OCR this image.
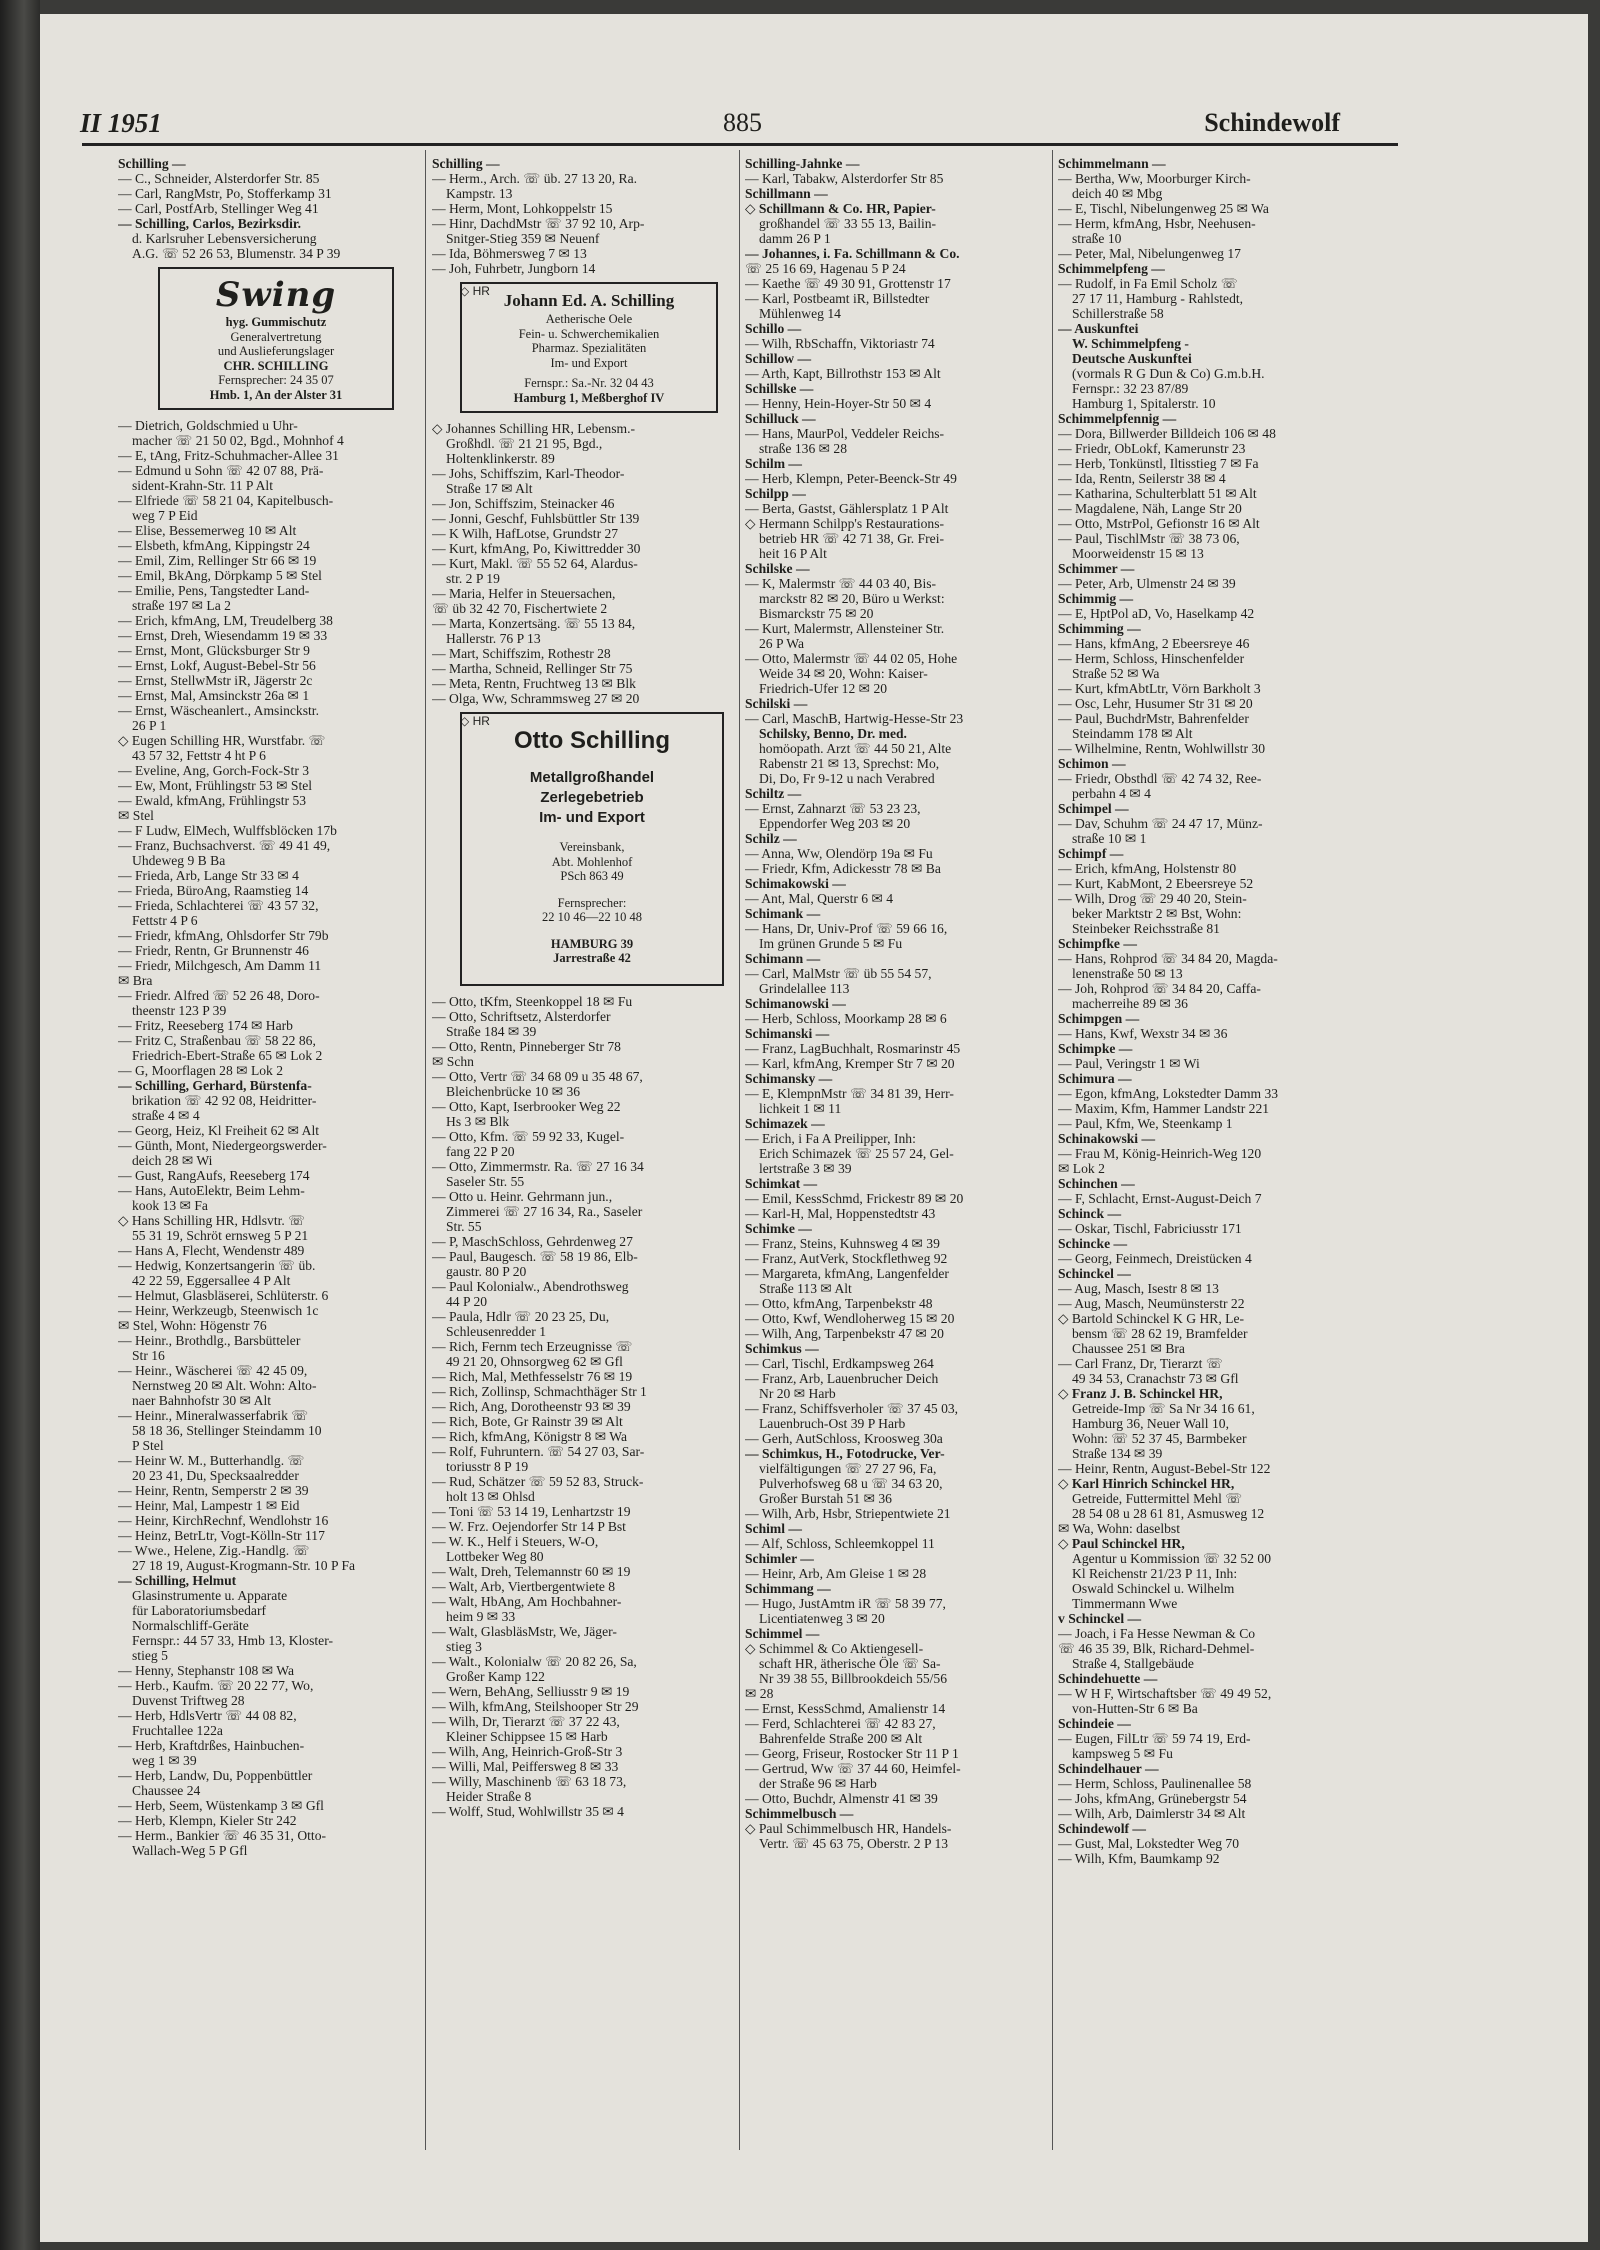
II 1951	885	Schindewolf

Schilling —

— C., Schneider, Alsterdorfer Str. 85

— Carl, RangMstr, Po, Stofferkamp 31

— Carl, PostfArb, Stellinger Weg 41

— Schilling, Carlos, Bezirksdir.

d. Karlsruher Lebensversicherung

A.G. ☏ 52 26 53, Blumenstr. 34 P 39

Swing

hyg. Gummischutz

Generalvertretung

und Auslieferungslager

CHR. SCHILLING

Fernsprecher: 24 35 07

Hmb. 1, An der Alster 31

— Dietrich, Goldschmied u Uhr-

macher ☏ 21 50 02, Bgd., Mohnhof 4

— E, tAng, Fritz-Schuhmacher-Allee 31

— Edmund u Sohn ☏ 42 07 88, Prä-

sident-Krahn-Str. 11 P Alt

— Elfriede ☏ 58 21 04, Kapitelbusch-

weg 7 P Eid

— Elise, Bessemerweg 10 ✉ Alt

— Elsbeth, kfmAng, Kippingstr 24

— Emil, Zim, Rellinger Str 66 ✉ 19

— Emil, BkAng, Dörpkamp 5 ✉ Stel

— Emilie, Pens, Tangstedter Land-

straße 197 ✉ La 2

— Erich, kfmAng, LM, Treudelberg 38

— Ernst, Dreh, Wiesendamm 19 ✉ 33

— Ernst, Mont, Glücksburger Str 9

— Ernst, Lokf, August-Bebel-Str 56

— Ernst, StellwMstr iR, Jägerstr 2c

— Ernst, Mal, Amsinckstr 26a ✉ 1

— Ernst, Wäscheanlert., Amsinckstr.

26 P 1

◇ Eugen Schilling HR, Wurstfabr. ☏

43 57 32, Fettstr 4 ht P 6

— Eveline, Ang, Gorch-Fock-Str 3

— Ew, Mont, Frühlingstr 53 ✉ Stel

— Ewald, kfmAng, Frühlingstr 53

✉ Stel

— F Ludw, ElMech, Wulffsblöcken 17b

— Franz, Buchsachverst. ☏ 49 41 49,

Uhdeweg 9 B Ba

— Frieda, Arb, Lange Str 33 ✉ 4

— Frieda, BüroAng, Raamstieg 14

— Frieda, Schlachterei ☏ 43 57 32,

Fettstr 4 P 6

— Friedr, kfmAng, Ohlsdorfer Str 79b

— Friedr, Rentn, Gr Brunnenstr 46

— Friedr, Milchgesch, Am Damm 11

✉ Bra

— Friedr. Alfred ☏ 52 26 48, Doro-

theenstr 123 P 39

— Fritz, Reeseberg 174 ✉ Harb

— Fritz C, Straßenbau ☏ 58 22 86,

Friedrich-Ebert-Straße 65 ✉ Lok 2

— G, Moorflagen 28 ✉ Lok 2

— Schilling, Gerhard, Bürstenfa-

brikation ☏ 42 92 08, Heidritter-

straße 4 ✉ 4

— Georg, Heiz, Kl Freiheit 62 ✉ Alt

— Günth, Mont, Niedergeorgswerder-

deich 28 ✉ Wi

— Gust, RangAufs, Reeseberg 174

— Hans, AutoElektr, Beim Lehm-

kook 13 ✉ Fa

◇ Hans Schilling HR, Hdlsvtr. ☏

55 31 19, Schröt ernsweg 5 P 21

— Hans A, Flecht, Wendenstr 489

— Hedwig, Konzertsangerin ☏ üb.

42 22 59, Eggersallee 4 P Alt

— Helmut, Glasbläserei, Schlüterstr. 6

— Heinr, Werkzeugb, Steenwisch 1c

✉ Stel, Wohn: Högenstr 76

— Heinr., Brothdlg., Barsbütteler

Str 16

— Heinr., Wäscherei ☏ 42 45 09,

Nernstweg 20 ✉ Alt. Wohn: Alto-

naer Bahnhofstr 30 ✉ Alt

— Heinr., Mineralwasserfabrik ☏

58 18 36, Stellinger Steindamm 10

P Stel

— Heinr W. M., Butterhandlg. ☏

20 23 41, Du, Specksaalredder

— Heinr, Rentn, Semperstr 2 ✉ 39

— Heinr, Mal, Lampestr 1 ✉ Eid

— Heinr, KirchRechnf, Wendlohstr 16

— Heinz, BetrLtr, Vogt-Kölln-Str 117

— Wwe., Helene, Zig.-Handlg. ☏

27 18 19, August-Krogmann-Str. 10 P Fa

— Schilling, Helmut

Glasinstrumente u. Apparate

für Laboratoriumsbedarf

Normalschliff-Geräte

Fernspr.: 44 57 33, Hmb 13, Kloster-

stieg 5

— Henny, Stephanstr 108 ✉ Wa

— Herb., Kaufm. ☏ 20 22 77, Wo,

Duvenst Triftweg 28

— Herb, HdlsVertr ☏ 44 08 82,

Fruchtallee 122a

— Herb, Kraftdrßes, Hainbuchen-

weg 1 ✉ 39

— Herb, Landw, Du, Poppenbüttler

Chaussee 24

— Herb, Seem, Wüstenkamp 3 ✉ Gfl

— Herb, Klempn, Kieler Str 242

— Herm., Bankier ☏ 46 35 31, Otto-

Wallach-Weg 5 P Gfl

Schilling —

— Herm., Arch. ☏ üb. 27 13 20, Ra.

Kampstr. 13

— Herm, Mont, Lohkoppelstr 15

— Hinr, DachdMstr ☏ 37 92 10, Arp-

Snitger-Stieg 359 ✉ Neuenf

— Ida, Böhmersweg 7 ✉ 13

— Joh, Fuhrbetr, Jungborn 14

Johann Ed. A. Schilling

Aetherische Oele

Fein- u. Schwerchemikalien

Pharmaz. Spezialitäten

Im- und Export

Fernspr.: Sa.-Nr. 32 04 43

Hamburg 1, Meßberghof IV

◇ HR

◇ Johannes Schilling HR, Lebensm.-

Großhdl. ☏ 21 21 95, Bgd.,

Holtenklinkerstr. 89

— Johs, Schiffszim, Karl-Theodor-

Straße 17 ✉ Alt

— Jon, Schiffszim, Steinacker 46

— Jonni, Geschf, Fuhlsbüttler Str 139

— K Wilh, HafLotse, Grundstr 27

— Kurt, kfmAng, Po, Kiwittredder 30

— Kurt, Makl. ☏ 55 52 64, Alardus-

str. 2 P 19

— Maria, Helfer in Steuersachen,

☏ üb 32 42 70, Fischertwiete 2

— Marta, Konzertsäng. ☏ 55 13 84,

Hallerstr. 76 P 13

— Mart, Schiffszim, Rothestr 28

— Martha, Schneid, Rellinger Str 75

— Meta, Rentn, Fruchtweg 13 ✉ Blk

— Olga, Ww, Schrammsweg 27 ✉ 20

Otto Schilling

Metallgroßhandel

Zerlegebetrieb

Im- und Export

Vereinsbank,

Abt. Mohlenhof

PSch 863 49

Fernsprecher:

22 10 46—22 10 48

HAMBURG 39

Jarrestraße 42

◇ HR

— Otto, tKfm, Steenkoppel 18 ✉ Fu

— Otto, Schriftsetz, Alsterdorfer

Straße 184 ✉ 39

— Otto, Rentn, Pinneberger Str 78

✉ Schn

— Otto, Vertr ☏ 34 68 09 u 35 48 67,

Bleichenbrücke 10 ✉ 36

— Otto, Kapt, Iserbrooker Weg 22

Hs 3 ✉ Blk

— Otto, Kfm. ☏ 59 92 33, Kugel-

fang 22 P 20

— Otto, Zimmermstr. Ra. ☏ 27 16 34

Saseler Str. 55

— Otto u. Heinr. Gehrmann jun.,

Zimmerei ☏ 27 16 34, Ra., Saseler

Str. 55

— P, MaschSchloss, Gehrdenweg 27

— Paul, Baugesch. ☏ 58 19 86, Elb-

gaustr. 80 P 20

— Paul Kolonialw., Abendrothsweg

44 P 20

— Paula, Hdlr ☏ 20 23 25, Du,

Schleusenredder 1

— Rich, Fernm tech Erzeugnisse ☏

49 21 20, Ohnsorgweg 62 ✉ Gfl

— Rich, Mal, Methfesselstr 76 ✉ 19

— Rich, Zollinsp, Schmachthäger Str 1

— Rich, Ang, Dorotheenstr 93 ✉ 39

— Rich, Bote, Gr Rainstr 39 ✉ Alt

— Rich, kfmAng, Königstr 8 ✉ Wa

— Rolf, Fuhruntern. ☏ 54 27 03, Sar-

toriusstr 8 P 19

— Rud, Schätzer ☏ 59 52 83, Struck-

holt 13 ✉ Ohlsd

— Toni ☏ 53 14 19, Lenhartzstr 19

— W. Frz. Oejendorfer Str 14 P Bst

— W. K., Helf i Steuers, W-O,

Lottbeker Weg 80

— Walt, Dreh, Telemannstr 60 ✉ 19

— Walt, Arb, Viertbergentwiete 8

— Walt, HbAng, Am Hochbahner-

heim 9 ✉ 33

— Walt, GlasbläsMstr, We, Jäger-

stieg 3

— Walt., Kolonialw ☏ 20 82 26, Sa,

Großer Kamp 122

— Wern, BehAng, Selliusstr 9 ✉ 19

— Wilh, kfmAng, Steilshooper Str 29

— Wilh, Dr, Tierarzt ☏ 37 22 43,

Kleiner Schippsee 15 ✉ Harb

— Wilh, Ang, Heinrich-Groß-Str 3

— Willi, Mal, Peiffersweg 8 ✉ 33

— Willy, Maschinenb ☏ 63 18 73,

Heider Straße 8

— Wolff, Stud, Wohlwillstr 35 ✉ 4

Schilling-Jahnke —

— Karl, Tabakw, Alsterdorfer Str 85

Schillmann —

◇ Schillmann & Co. HR, Papier-

großhandel ☏ 33 55 13, Bailin-

damm 26 P 1

— Johannes, i. Fa. Schillmann & Co.

☏ 25 16 69, Hagenau 5 P 24

— Kaethe ☏ 49 30 91, Grottenstr 17

— Karl, Postbeamt iR, Billstedter

Mühlenweg 14

Schillo —

— Wilh, RbSchaffn, Viktoriastr 74

Schillow —

— Arth, Kapt, Billrothstr 153 ✉ Alt

Schillske —

— Henny, Hein-Hoyer-Str 50 ✉ 4

Schilluck —

— Hans, MaurPol, Veddeler Reichs-

straße 136 ✉ 28

Schilm —

— Herb, Klempn, Peter-Beenck-Str 49

Schilpp —

— Berta, Gastst, Gählersplatz 1 P Alt

◇ Hermann Schilpp's Restaurations-

betrieb HR ☏ 42 71 38, Gr. Frei-

heit 16 P Alt

Schilske —

— K, Malermstr ☏ 44 03 40, Bis-

marckstr 82 ✉ 20, Büro u Werkst:

Bismarckstr 75 ✉ 20

— Kurt, Malermstr, Allensteiner Str.

26 P Wa

— Otto, Malermstr ☏ 44 02 05, Hohe

Weide 34 ✉ 20, Wohn: Kaiser-

Friedrich-Ufer 12 ✉ 20

Schilski —

— Carl, MaschB, Hartwig-Hesse-Str 23

Schilsky, Benno, Dr. med.

homöopath. Arzt ☏ 44 50 21, Alte

Rabenstr 21 ✉ 13, Sprechst: Mo,

Di, Do, Fr 9-12 u nach Verabred

Schiltz —

— Ernst, Zahnarzt ☏ 53 23 23,

Eppendorfer Weg 203 ✉ 20

Schilz —

— Anna, Ww, Olendörp 19a ✉ Fu

— Friedr, Kfm, Adickesstr 78 ✉ Ba

Schimakowski —

— Ant, Mal, Querstr 6 ✉ 4

Schimank —

— Hans, Dr, Univ-Prof ☏ 59 66 16,

Im grünen Grunde 5 ✉ Fu

Schimann —

— Carl, MalMstr ☏ üb 55 54 57,

Grindelallee 113

Schimanowski —

— Herb, Schloss, Moorkamp 28 ✉ 6

Schimanski —

— Franz, LagBuchhalt, Rosmarinstr 45

— Karl, kfmAng, Kremper Str 7 ✉ 20

Schimansky —

— E, KlempnMstr ☏ 34 81 39, Herr-

lichkeit 1 ✉ 11

Schimazek —

— Erich, i Fa A Preilipper, Inh:

Erich Schimazek ☏ 25 57 24, Gel-

lertstraße 3 ✉ 39

Schimkat —

— Emil, KessSchmd, Frickestr 89 ✉ 20

— Karl-H, Mal, Hoppenstedtstr 43

Schimke —

— Franz, Steins, Kuhnsweg 4 ✉ 39

— Franz, AutVerk, Stockflethweg 92

— Margareta, kfmAng, Langenfelder

Straße 113 ✉ Alt

— Otto, kfmAng, Tarpenbekstr 48

— Otto, Kwf, Wendloherweg 15 ✉ 20

— Wilh, Ang, Tarpenbekstr 47 ✉ 20

Schimkus —

— Carl, Tischl, Erdkampsweg 264

— Franz, Arb, Lauenbrucher Deich

Nr 20 ✉ Harb

— Franz, Schiffsverholer ☏ 37 45 03,

Lauenbruch-Ost 39 P Harb

— Gerh, AutSchloss, Kroosweg 30a

— Schimkus, H., Fotodrucke, Ver-

vielfältigungen ☏ 27 27 96, Fa,

Pulverhofsweg 68 u ☏ 34 63 20,

Großer Burstah 51 ✉ 36

— Wilh, Arb, Hsbr, Striepentwiete 21

Schiml —

— Alf, Schloss, Schleemkoppel 11

Schimler —

— Heinr, Arb, Am Gleise 1 ✉ 28

Schimmang —

— Hugo, JustAmtm iR ☏ 58 39 77,

Licentiatenweg 3 ✉ 20

Schimmel —

◇ Schimmel & Co Aktiengesell-

schaft HR, ätherische Öle ☏ Sa-

Nr 39 38 55, Billbrookdeich 55/56

✉ 28

— Ernst, KessSchmd, Amalienstr 14

— Ferd, Schlachterei ☏ 42 83 27,

Bahrenfelde Straße 200 ✉ Alt

— Georg, Friseur, Rostocker Str 11 P 1

— Gertrud, Ww ☏ 37 44 60, Heimfel-

der Straße 96 ✉ Harb

— Otto, Buchdr, Almenstr 41 ✉ 39

Schimmelbusch —

◇ Paul Schimmelbusch HR, Handels-

Vertr. ☏ 45 63 75, Oberstr. 2 P 13

Schimmelmann —

— Bertha, Ww, Moorburger Kirch-

deich 40 ✉ Mbg

— E, Tischl, Nibelungenweg 25 ✉ Wa

— Herm, kfmAng, Hsbr, Neehusen-

straße 10

— Peter, Mal, Nibelungenweg 17

Schimmelpfeng —

— Rudolf, in Fa Emil Scholz ☏

27 17 11, Hamburg - Rahlstedt,

Schillerstraße 58

— Auskunftei

W. Schimmelpfeng -

Deutsche Auskunftei

(vormals R G Dun & Co) G.m.b.H.

Fernspr.: 32 23 87/89

Hamburg 1, Spitalerstr. 10

Schimmelpfennig —

— Dora, Billwerder Billdeich 106 ✉ 48

— Friedr, ObLokf, Kamerunstr 23

— Herb, Tonkünstl, Iltisstieg 7 ✉ Fa

— Ida, Rentn, Seilerstr 38 ✉ 4

— Katharina, Schulterblatt 51 ✉ Alt

— Magdalene, Näh, Lange Str 20

— Otto, MstrPol, Gefionstr 16 ✉ Alt

— Paul, TischlMstr ☏ 38 73 06,

Moorweidenstr 15 ✉ 13

Schimmer —

— Peter, Arb, Ulmenstr 24 ✉ 39

Schimmig —

— E, HptPol aD, Vo, Haselkamp 42

Schimming —

— Hans, kfmAng, 2 Ebeersreye 46

— Herm, Schloss, Hinschenfelder

Straße 52 ✉ Wa

— Kurt, kfmAbtLtr, Vörn Barkholt 3

— Osc, Lehr, Husumer Str 31 ✉ 20

— Paul, BuchdrMstr, Bahrenfelder

Steindamm 178 ✉ Alt

— Wilhelmine, Rentn, Wohlwillstr 30

Schimon —

— Friedr, Obsthdl ☏ 42 74 32, Ree-

perbahn 4 ✉ 4

Schimpel —

— Dav, Schuhm ☏ 24 47 17, Münz-

straße 10 ✉ 1

Schimpf —

— Erich, kfmAng, Holstenstr 80

— Kurt, KabMont, 2 Ebeersreye 52

— Wilh, Drog ☏ 29 40 20, Stein-

beker Marktstr 2 ✉ Bst, Wohn:

Steinbeker Reichsstraße 81

Schimpfke —

— Hans, Rohprod ☏ 34 84 20, Magda-

lenenstraße 50 ✉ 13

— Joh, Rohprod ☏ 34 84 20, Caffa-

macherreihe 89 ✉ 36

Schimpgen —

— Hans, Kwf, Wexstr 34 ✉ 36

Schimpke —

— Paul, Veringstr 1 ✉ Wi

Schimura —

— Egon, kfmAng, Lokstedter Damm 33

— Maxim, Kfm, Hammer Landstr 221

— Paul, Kfm, We, Steenkamp 1

Schinakowski —

— Frau M, König-Heinrich-Weg 120

✉ Lok 2

Schinchen —

— F, Schlacht, Ernst-August-Deich 7

Schinck —

— Oskar, Tischl, Fabriciusstr 171

Schincke —

— Georg, Feinmech, Dreistücken 4

Schinckel —

— Aug, Masch, Isestr 8 ✉ 13

— Aug, Masch, Neumünsterstr 22

◇ Bartold Schinckel K G HR, Le-

bensm ☏ 28 62 19, Bramfelder

Chaussee 251 ✉ Bra

— Carl Franz, Dr, Tierarzt ☏

49 34 53, Cranachstr 73 ✉ Gfl

◇ Franz J. B. Schinckel HR,

Getreide-Imp ☏ Sa Nr 34 16 61,

Hamburg 36, Neuer Wall 10,

Wohn: ☏ 52 37 45, Barmbeker

Straße 134 ✉ 39

— Heinr, Rentn, August-Bebel-Str 122

◇ Karl Hinrich Schinckel HR,

Getreide, Futtermittel Mehl ☏

28 54 08 u 28 61 81, Asmusweg 12

✉ Wa, Wohn: daselbst

◇ Paul Schinckel HR,

Agentur u Kommission ☏ 32 52 00

Kl Reichenstr 21/23 P 11, Inh:

Oswald Schinckel u. Wilhelm

Timmermann Wwe

v Schinckel —

— Joach, i Fa Hesse Newman & Co

☏ 46 35 39, Blk, Richard-Dehmel-

Straße 4, Stallgebäude

Schindehuette —

— W H F, Wirtschaftsber ☏ 49 49 52,

von-Hutten-Str 6 ✉ Ba

Schindeie —

— Eugen, FilLtr ☏ 59 74 19, Erd-

kampsweg 5 ✉ Fu

Schindelhauer —

— Herm, Schloss, Paulinenallee 58

— Johs, kfmAng, Grünebergstr 54

— Wilh, Arb, Daimlerstr 34 ✉ Alt

Schindewolf —

— Gust, Mal, Lokstedter Weg 70

— Wilh, Kfm, Baumkamp 92
